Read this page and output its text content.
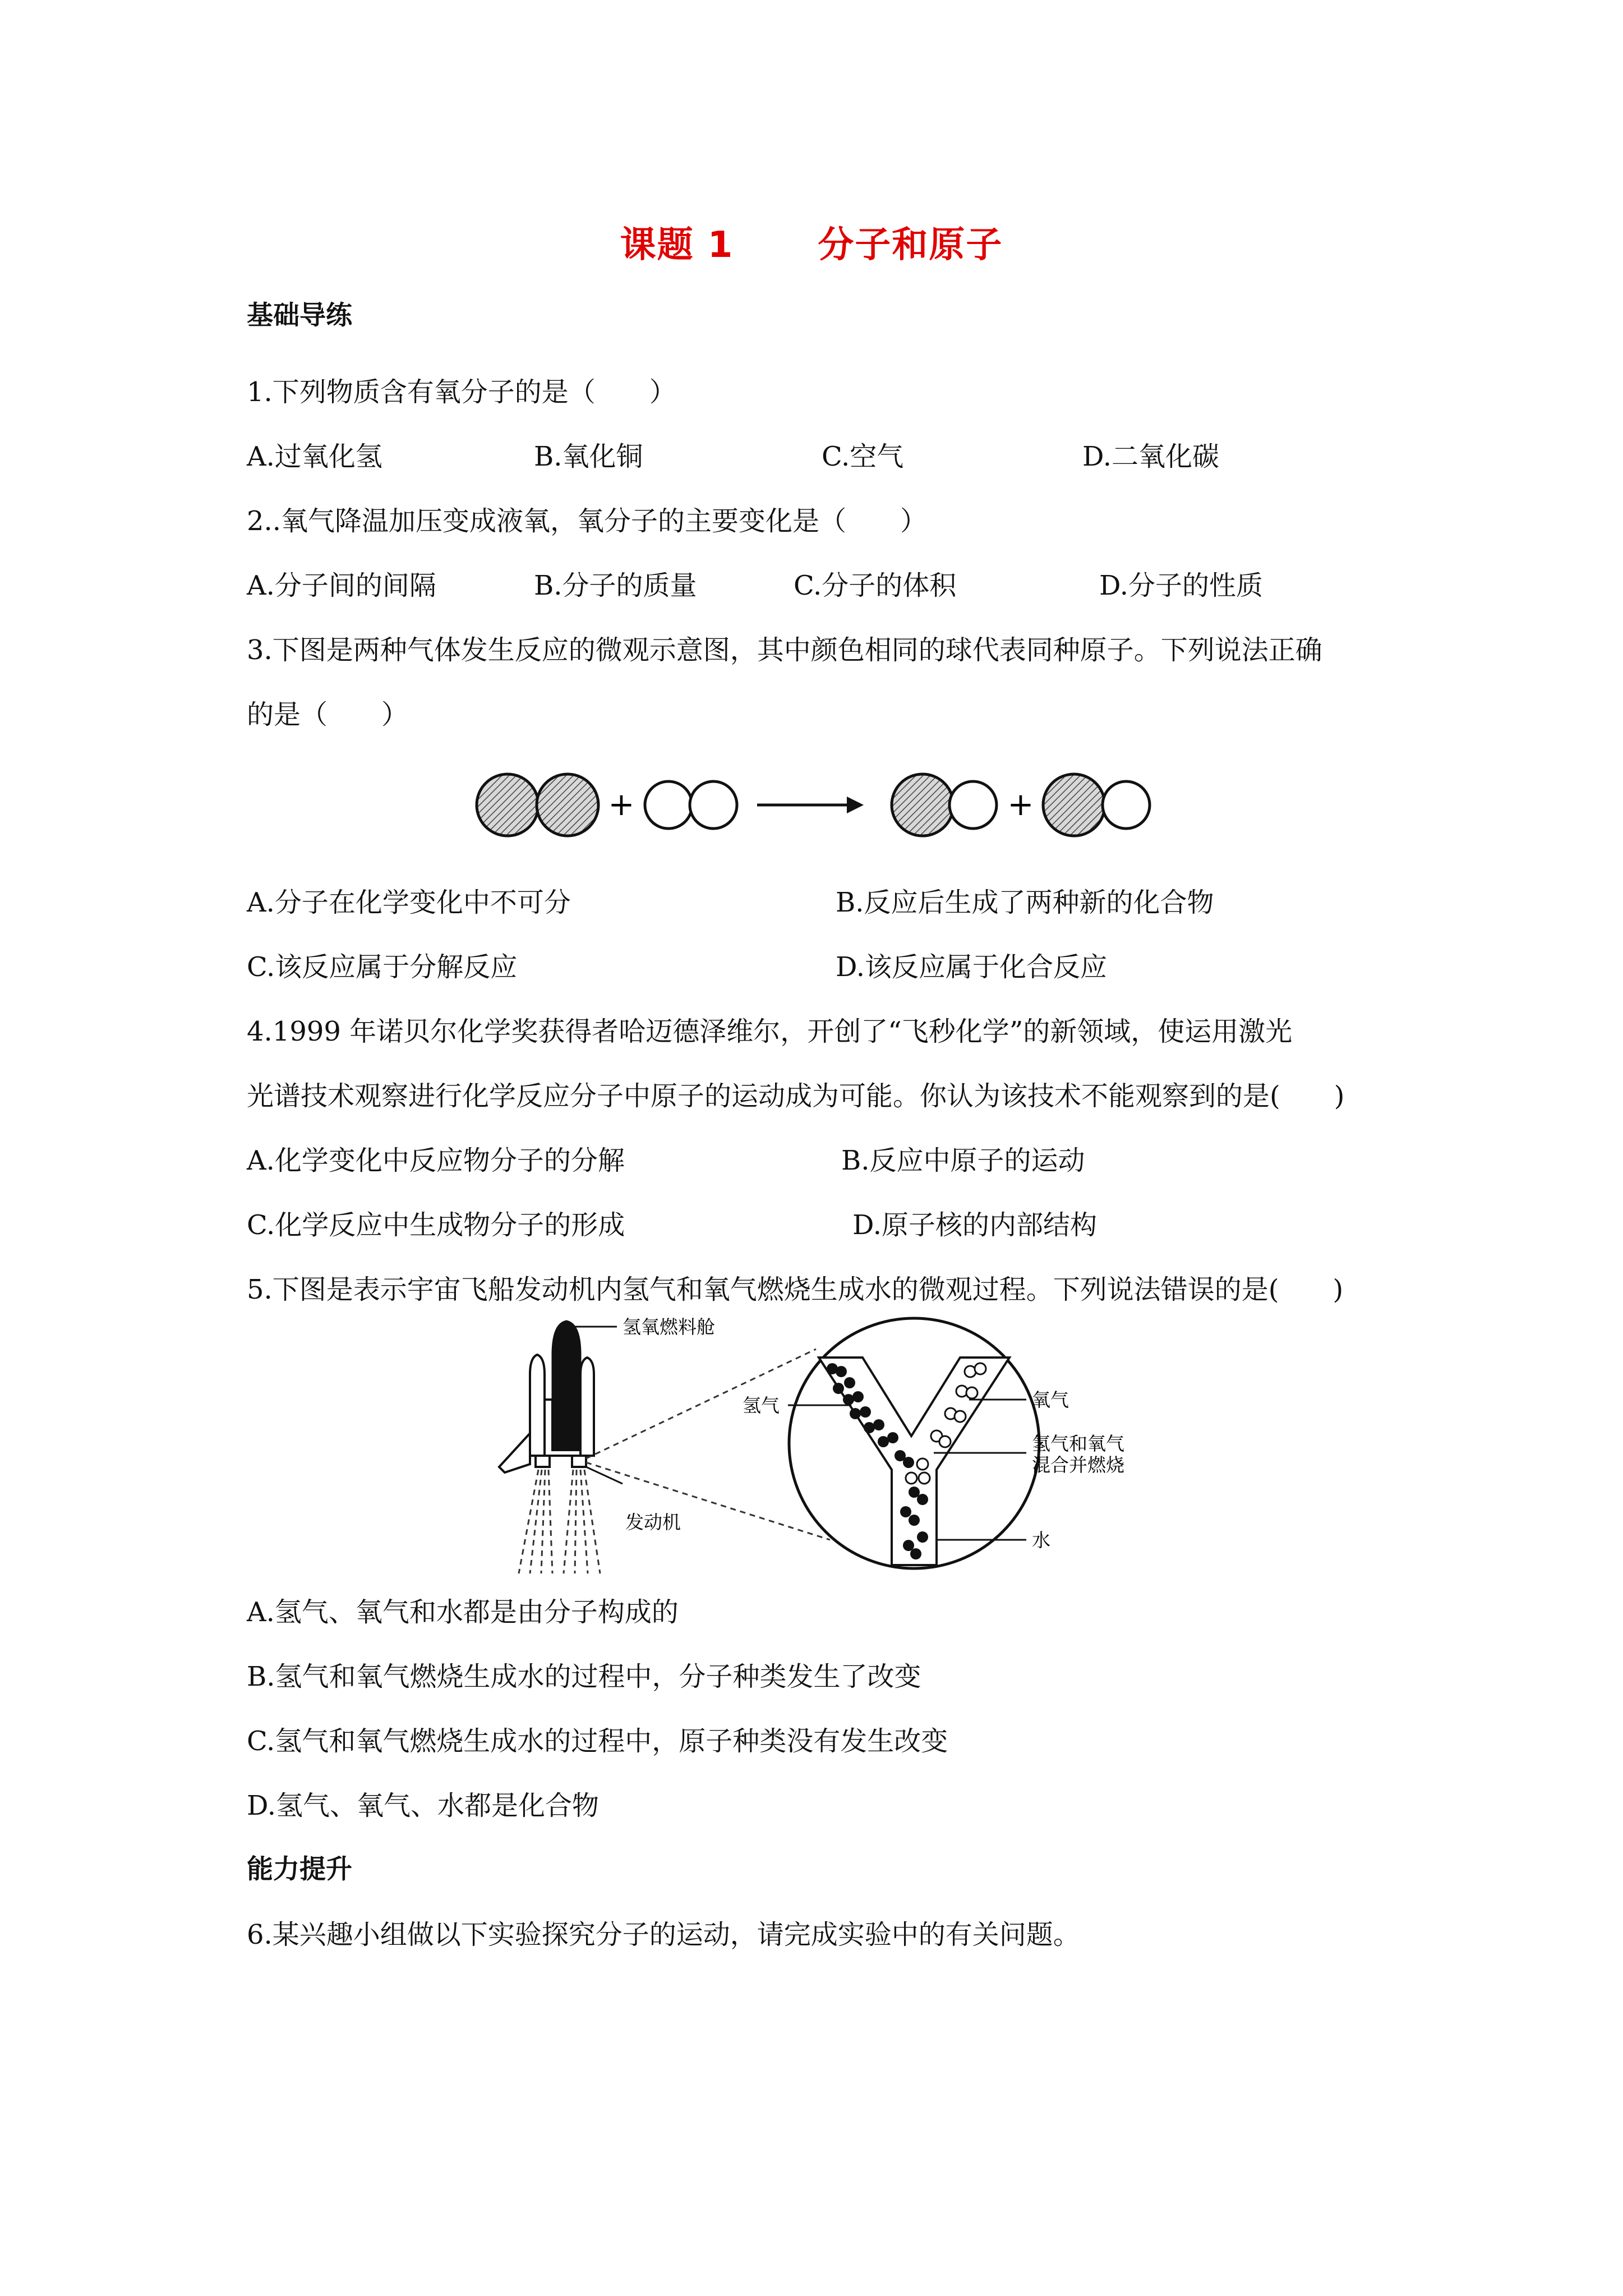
课题 1 分子和原子
基础导练
1.下列物质含有氧分子的是（　　）
A.过氧化氢	B.氧化铜	C.空气	D.二氧化碳
2..氧气降温加压变成液氧，氧分子的主要变化是（　　）
A.分子间的间隔	B.分子的质量	C.分子的体积	D.分子的性质
3.下图是两种气体发生反应的微观示意图，其中颜色相同的球代表同种原子。下列说法正确
的是（　　）
+	+
A.分子在化学变化中不可分	B.反应后生成了两种新的化合物
C.该反应属于分解反应	D.该反应属于化合反应
4.1999 年诺贝尔化学奖获得者哈迈德泽维尔，开创了“飞秒化学”的新领域，使运用激光
光谱技术观察进行化学反应分子中原子的运动成为可能。你认为该技术不能观察到的是(　　)
A.化学变化中反应物分子的分解	B.反应中原子的运动
C.化学反应中生成物分子的形成	D.原子核的内部结构
5.下图是表示宇宙飞船发动机内氢气和氧气燃烧生成水的微观过程。下列说法错误的是(　　)
氢氧燃料舱
发动机
氢气	氧气
氢气和氧气
混合并燃烧
水
A.氢气、氧气和水都是由分子构成的
B.氢气和氧气燃烧生成水的过程中，分子种类发生了改变
C.氢气和氧气燃烧生成水的过程中，原子种类没有发生改变
D.氢气、氧气、水都是化合物
能力提升
6.某兴趣小组做以下实验探究分子的运动，请完成实验中的有关问题。
